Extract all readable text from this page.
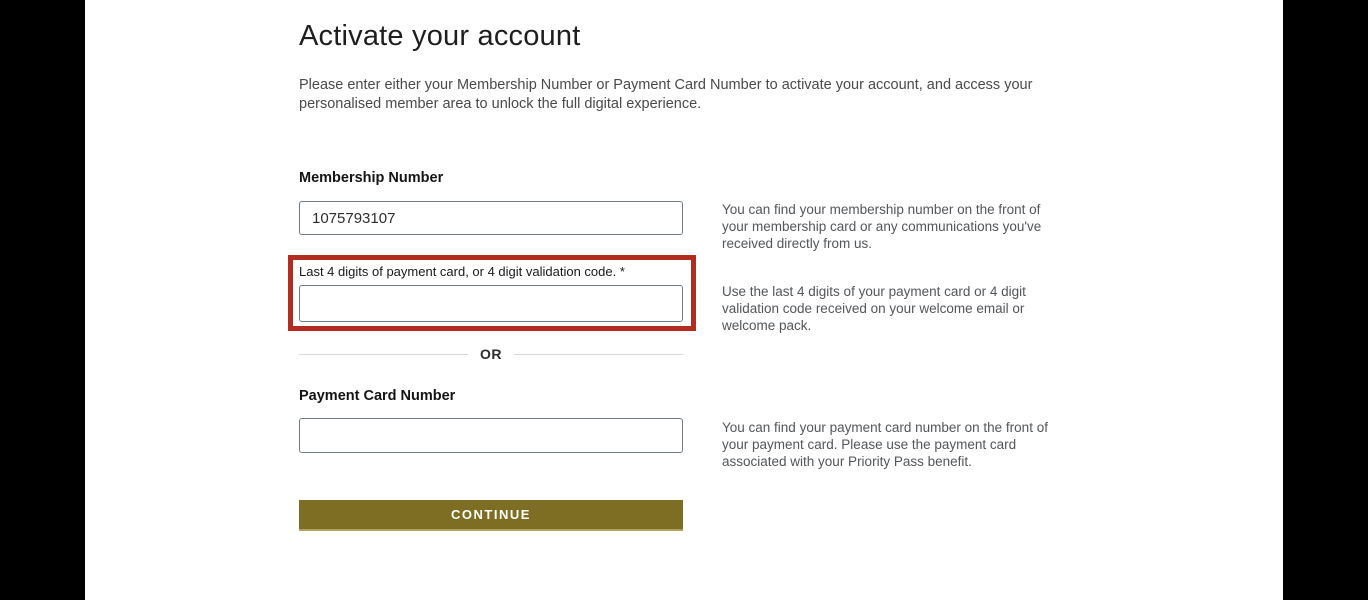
Activate your account

Please enter either your Membership Number or Payment Card Number to activate your account, and access your personalised member area to unlock the full digital experience.

Membership Number
1075793107

You can find your membership number on the front of your membership card or any communications you've received directly from us.

Last 4 digits of payment card, or 4 digit validation code. *

Use the last 4 digits of your payment card or 4 digit validation code received on your welcome email or welcome pack.

OR
Payment Card Number

You can find your payment card number on the front of your payment card. Please use the payment card associated with your Priority Pass benefit.

CONTINUE
